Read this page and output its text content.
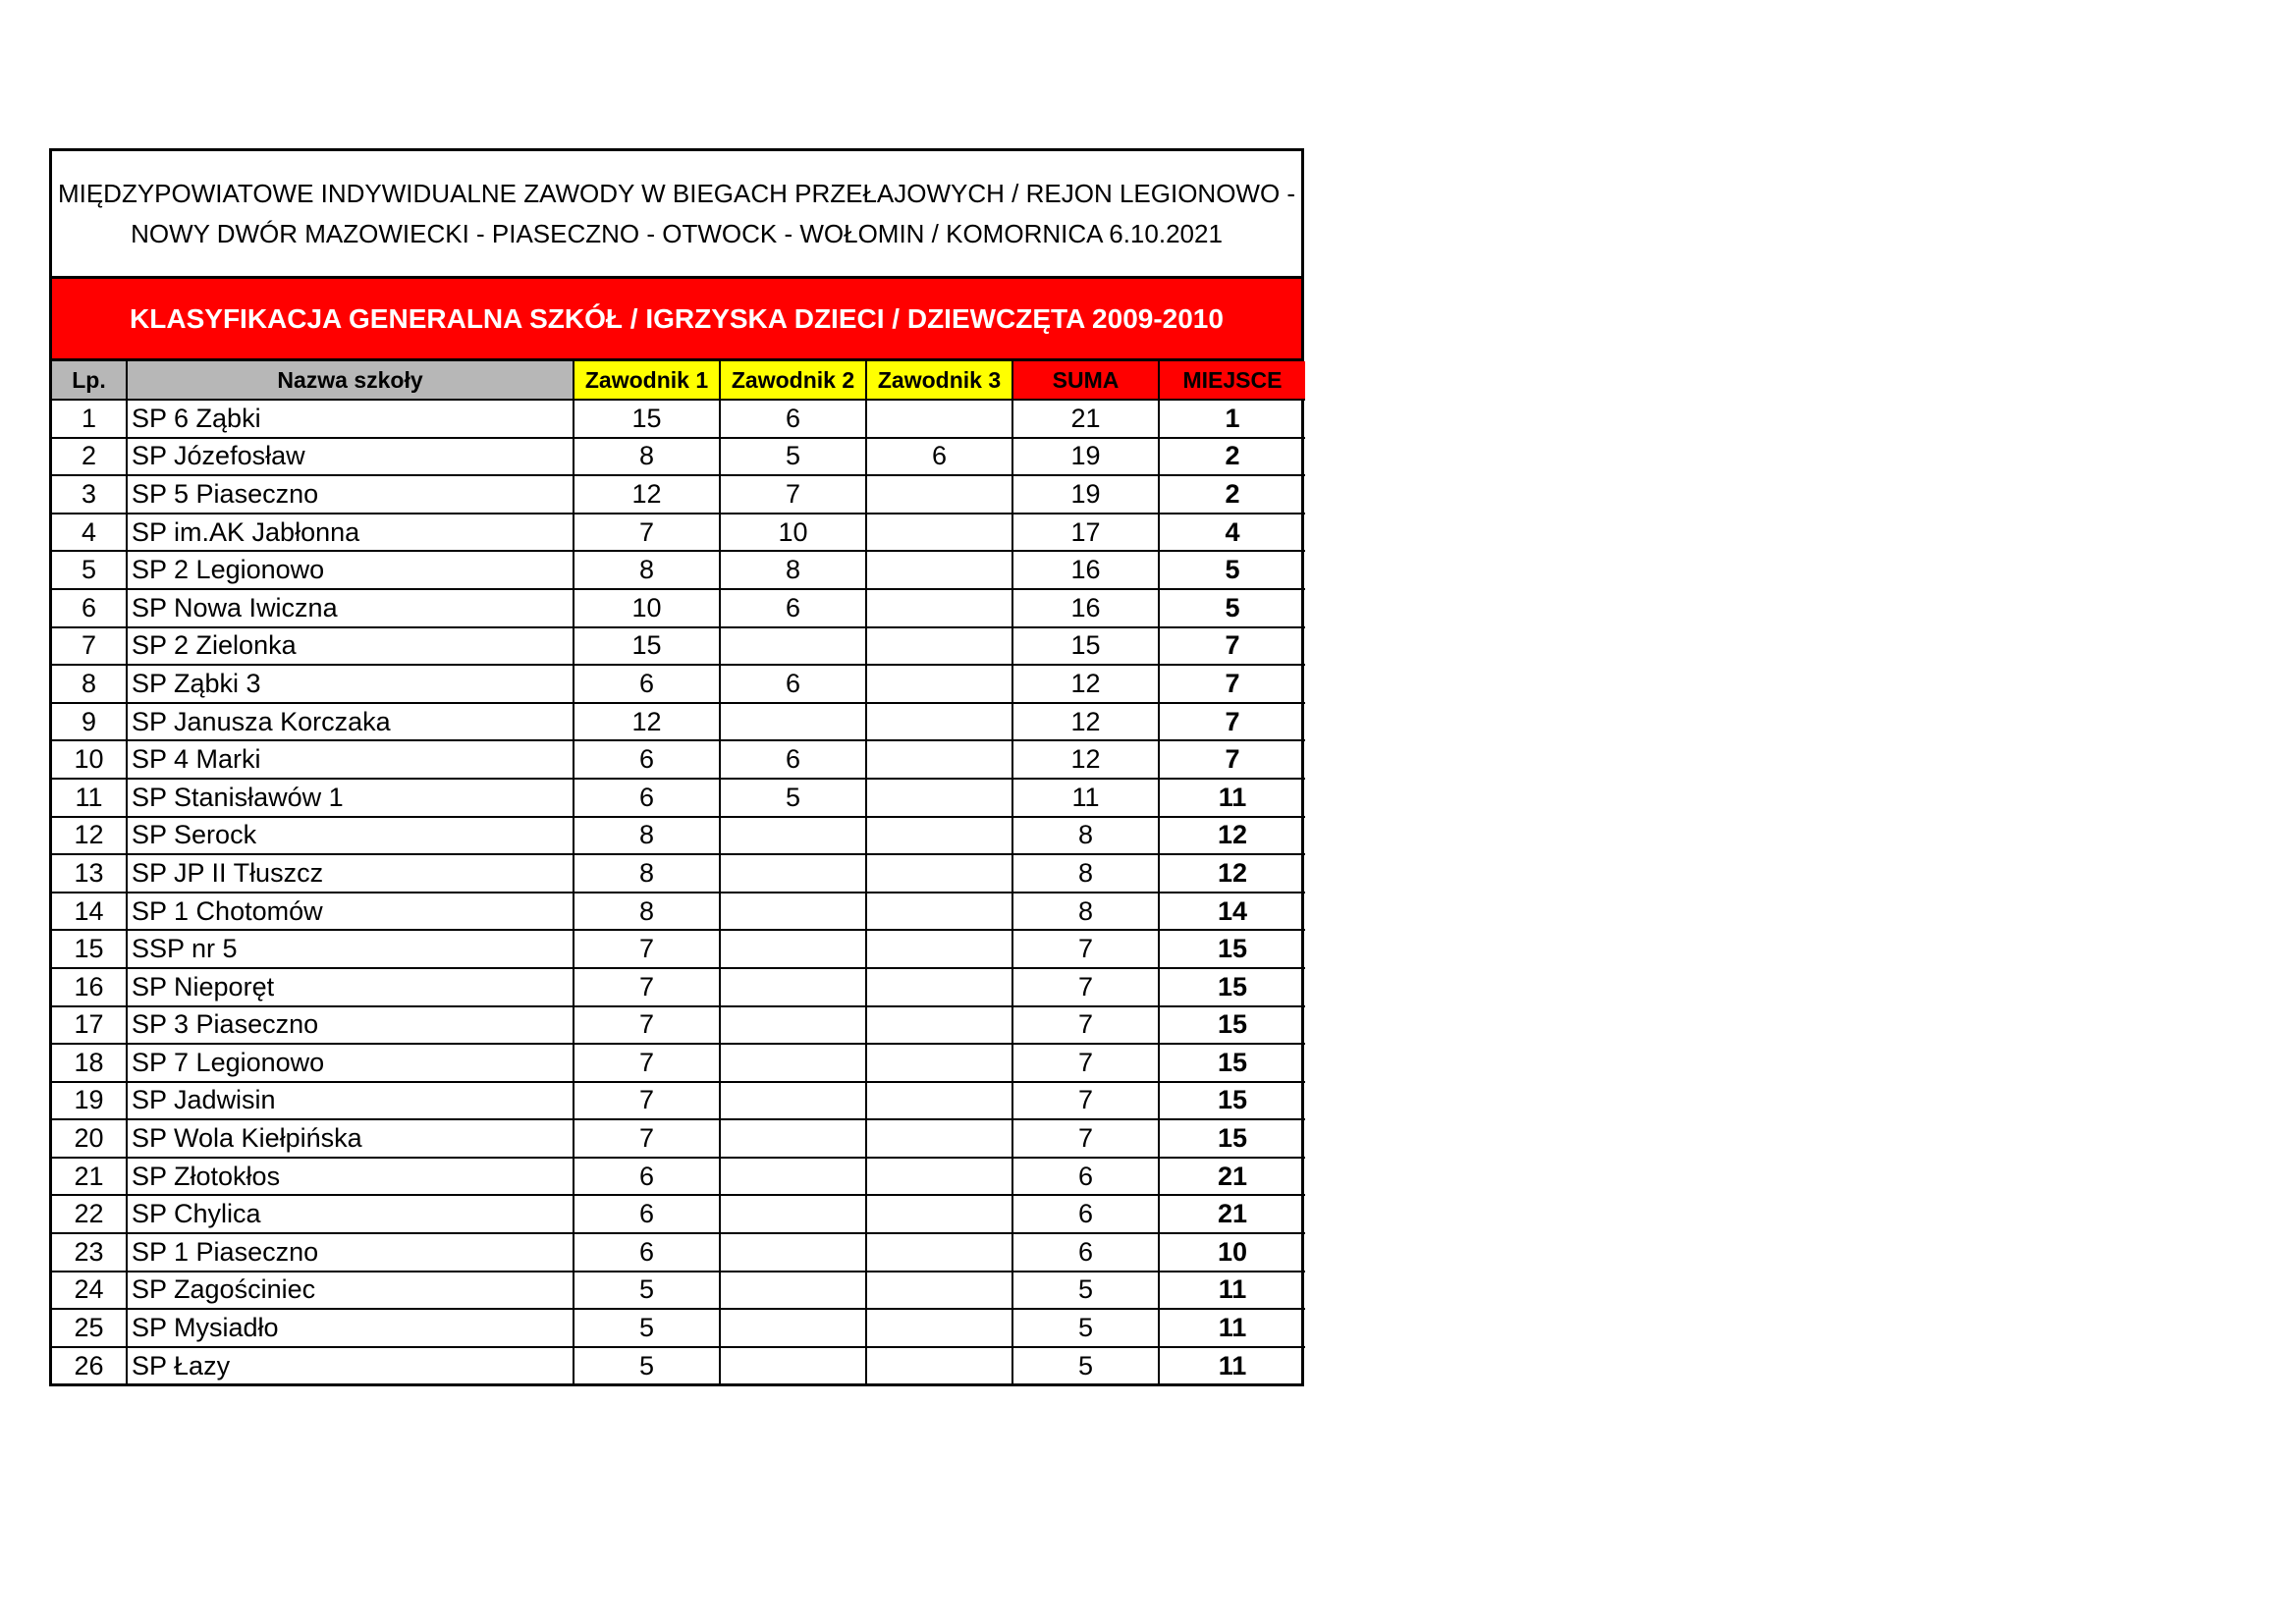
MIĘDZYPOWIATOWE INDYWIDUALNE ZAWODY W BIEGACH PRZEŁAJOWYCH / REJON LEGIONOWO -
NOWY DWÓR MAZOWIECKI - PIASECZNO - OTWOCK - WOŁOMIN / KOMORNICA 6.10.2021
KLASYFIKACJA GENERALNA SZKÓŁ / IGRZYSKA DZIECI / DZIEWCZĘTA 2009-2010
Lp.	Nazwa szkoły	Zawodnik 1	Zawodnik 2	Zawodnik 3	SUMA	MIEJSCE
1	SP 6 Ząbki	15	6		21	1
2	SP Józefosław	8	5	6	19	2
3	SP 5 Piaseczno	12	7		19	2
4	SP im.AK Jabłonna	7	10		17	4
5	SP 2 Legionowo	8	8		16	5
6	SP Nowa Iwiczna	10	6		16	5
7	SP 2 Zielonka	15			15	7
8	SP Ząbki 3	6	6		12	7
9	SP Janusza Korczaka	12			12	7
10	SP 4 Marki	6	6		12	7
11	SP Stanisławów 1	6	5		11	11
12	SP Serock	8			8	12
13	SP JP II Tłuszcz	8			8	12
14	SP 1 Chotomów	8			8	14
15	SSP nr 5	7			7	15
16	SP Nieporęt	7			7	15
17	SP 3 Piaseczno	7			7	15
18	SP 7 Legionowo	7			7	15
19	SP Jadwisin	7			7	15
20	SP Wola Kiełpińska	7			7	15
21	SP Złotokłos	6			6	21
22	SP Chylica	6			6	21
23	SP 1 Piaseczno	6			6	10
24	SP Zagościniec	5			5	11
25	SP Mysiadło	5			5	11
26	SP Łazy	5			5	11
